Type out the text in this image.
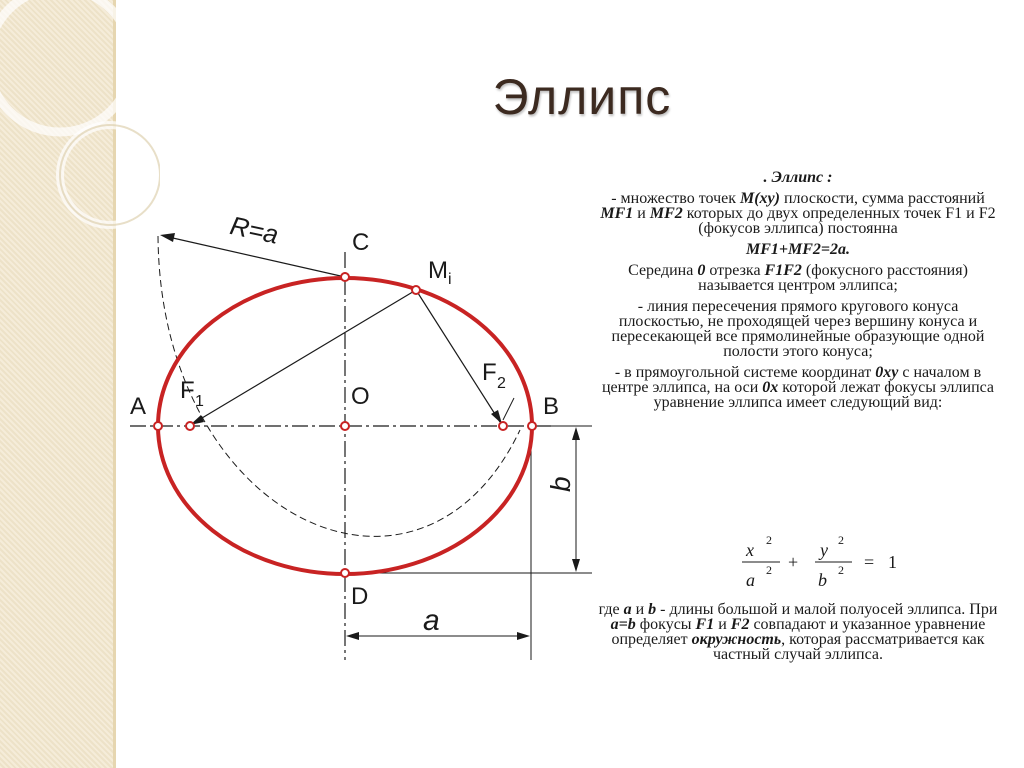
Эллипс
R=a	C
M i
A
F 1	O
F 2
B
b
D
a

. Эллипс :

- множество точек M(xy) плоскости, сумма расстояний MF1 и MF2 которых до двух определенных точек F1 и F2 (фокусов эллипса) постоянна

MF1+MF2=2a.

Середина 0 отрезка F1F2 (фокусного расстояния) называется центром эллипса;

- линия пересечения прямого кругового конуса плоскостью, не проходящей через вершину конуса и пересекающей все прямолинейные образующие одной полости этого конуса;

- в прямоугольной системе координат 0xy с началом в центре эллипса, на оси 0x которой лежат фокусы эллипса уравнение эллипса имеет следующий вид:

x 2
a 2 +
y 2
b 2 = 1

где a и b - длины большой и малой полуосей эллипса. При a=b фокусы F1 и F2 совпадают и указанное уравнение определяет окружность, которая рассматривается как частный случай эллипса.
